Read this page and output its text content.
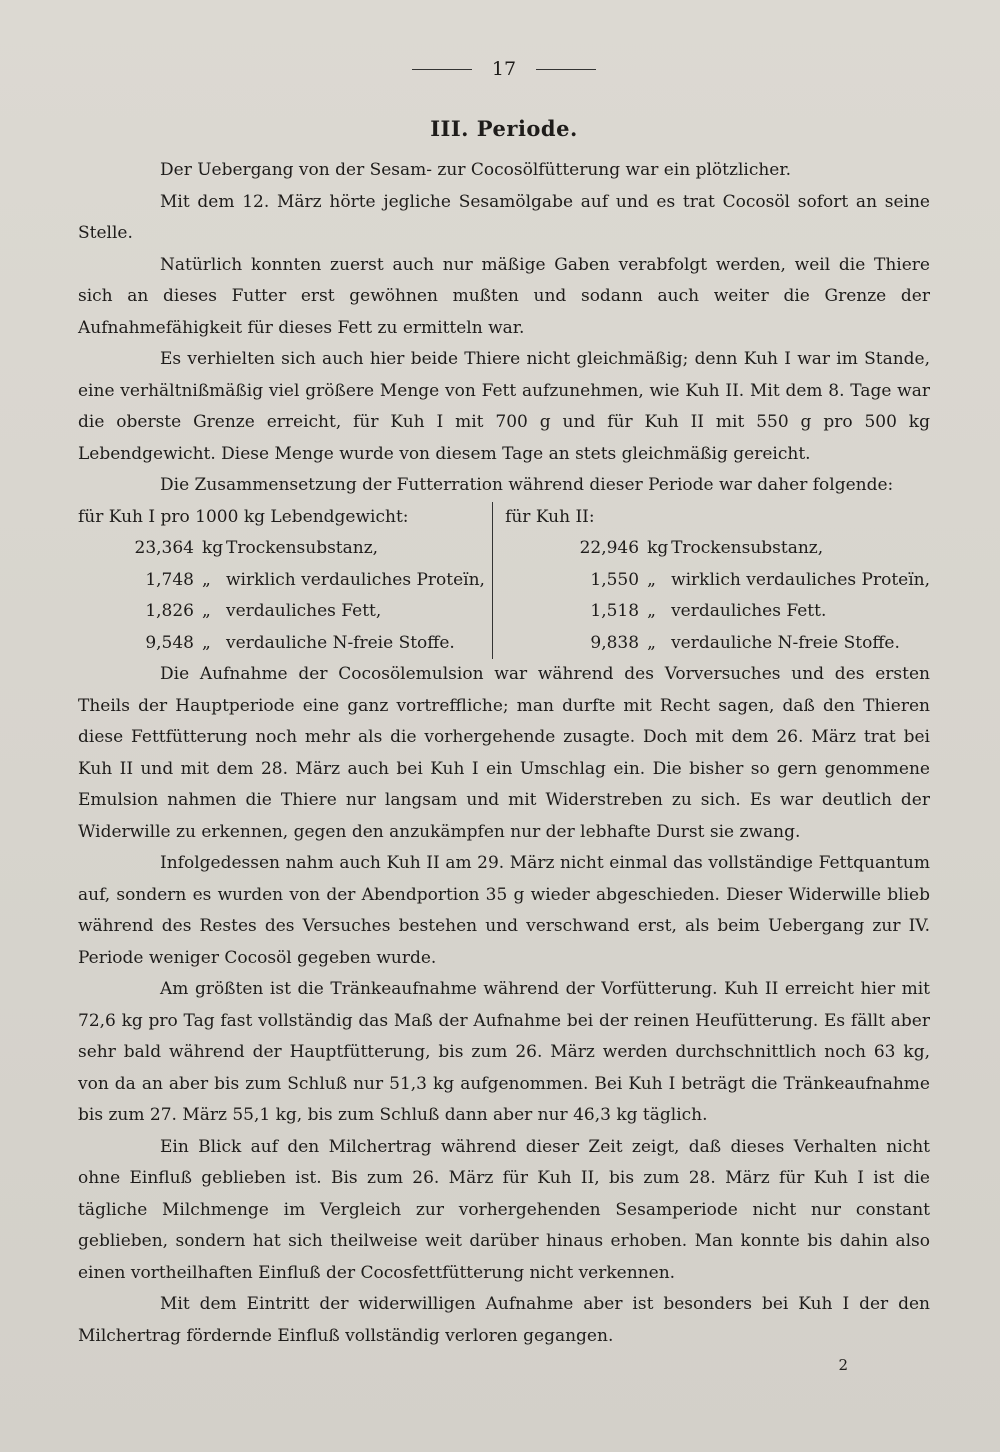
17
III. Periode.

Der Uebergang von der Sesam- zur Cocosölfütterung war ein plötzlicher.

Mit dem 12. März hörte jegliche Sesamölgabe auf und es trat Cocosöl sofort an seine Stelle.

Natürlich konnten zuerst auch nur mäßige Gaben verabfolgt werden, weil die Thiere sich an dieses Futter erst gewöhnen mußten und sodann auch weiter die Grenze der Aufnahmefähigkeit für dieses Fett zu ermitteln war.

Es verhielten sich auch hier beide Thiere nicht gleichmäßig; denn Kuh I war im Stande, eine verhältnißmäßig viel größere Menge von Fett aufzunehmen, wie Kuh II. Mit dem 8. Tage war die oberste Grenze erreicht, für Kuh I mit 700 g und für Kuh II mit 550 g pro 500 kg Lebendgewicht. Diese Menge wurde von diesem Tage an stets gleichmäßig gereicht.

Die Zusammensetzung der Futterration während dieser Periode war daher folgende:

für Kuh I pro 1000 kg Lebendgewicht:
23,364 kg Trockensubstanz,
1,748 „ wirklich verdauliches Proteïn,
1,826 „ verdauliches Fett,
9,548 „ verdauliche N-freie Stoffe.
für Kuh II:
22,946 kg Trockensubstanz,
1,550 „ wirklich verdauliches Proteïn,
1,518 „ verdauliches Fett.
9,838 „ verdauliche N-freie Stoffe.

Die Aufnahme der Cocosölemulsion war während des Vorversuches und des ersten Theils der Hauptperiode eine ganz vortreffliche; man durfte mit Recht sagen, daß den Thieren diese Fettfütterung noch mehr als die vorhergehende zusagte. Doch mit dem 26. März trat bei Kuh II und mit dem 28. März auch bei Kuh I ein Umschlag ein. Die bisher so gern genommene Emulsion nahmen die Thiere nur langsam und mit Widerstreben zu sich. Es war deutlich der Widerwille zu erkennen, gegen den anzukämpfen nur der lebhafte Durst sie zwang.

Infolgedessen nahm auch Kuh II am 29. März nicht einmal das vollständige Fettquantum auf, sondern es wurden von der Abendportion 35 g wieder abgeschieden. Dieser Widerwille blieb während des Restes des Versuches bestehen und verschwand erst, als beim Uebergang zur IV. Periode weniger Cocosöl gegeben wurde.

Am größten ist die Tränkeaufnahme während der Vorfütterung. Kuh II erreicht hier mit 72,6 kg pro Tag fast vollständig das Maß der Aufnahme bei der reinen Heufütterung. Es fällt aber sehr bald während der Hauptfütterung, bis zum 26. März werden durchschnittlich noch 63 kg, von da an aber bis zum Schluß nur 51,3 kg aufgenommen. Bei Kuh I beträgt die Tränkeaufnahme bis zum 27. März 55,1 kg, bis zum Schluß dann aber nur 46,3 kg täglich.

Ein Blick auf den Milchertrag während dieser Zeit zeigt, daß dieses Verhalten nicht ohne Einfluß geblieben ist. Bis zum 26. März für Kuh II, bis zum 28. März für Kuh I ist die tägliche Milchmenge im Vergleich zur vorhergehenden Sesamperiode nicht nur constant geblieben, sondern hat sich theilweise weit darüber hinaus erhoben. Man konnte bis dahin also einen vortheilhaften Einfluß der Cocosfettfütterung nicht verkennen.

Mit dem Eintritt der widerwilligen Aufnahme aber ist besonders bei Kuh I der den Milchertrag fördernde Einfluß vollständig verloren gegangen.

2
